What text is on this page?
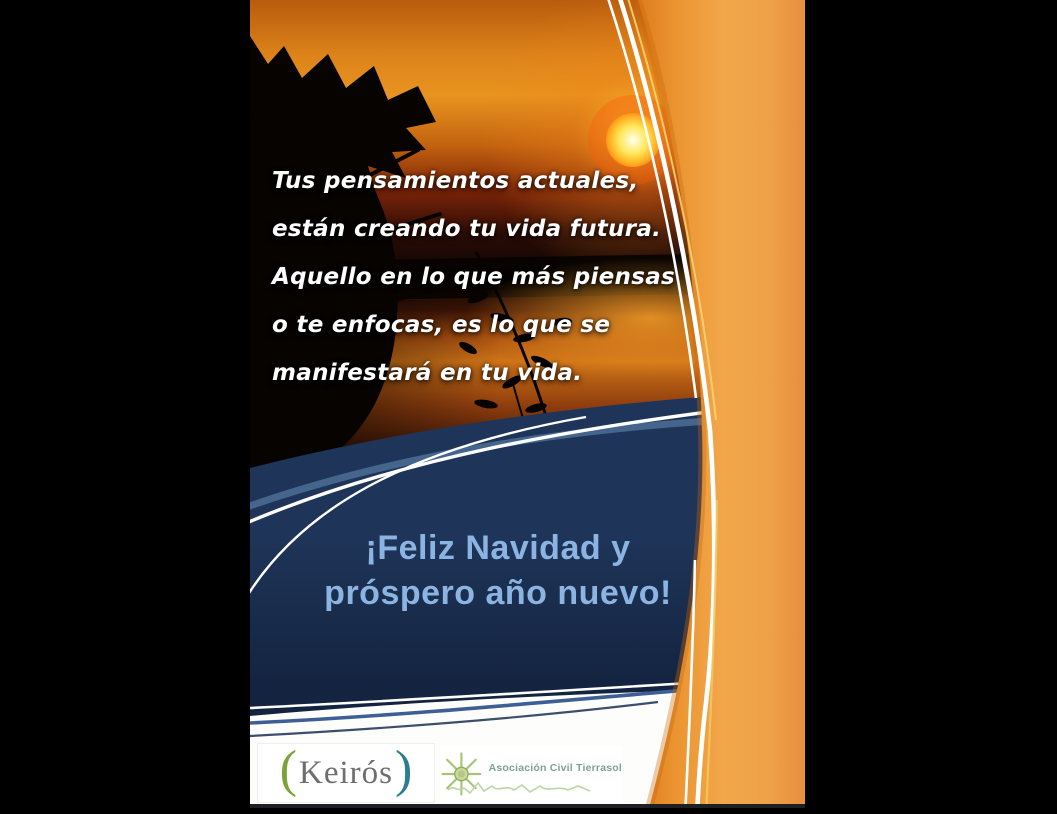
Tus pensamientos actuales,
están creando tu vida futura.
Aquello en lo que más piensas
o te enfocas, es lo que se
manifestará en tu vida.
¡Feliz Navidad y
próspero año nuevo!
( Keirós )	Asociación Civil Tierrasol
